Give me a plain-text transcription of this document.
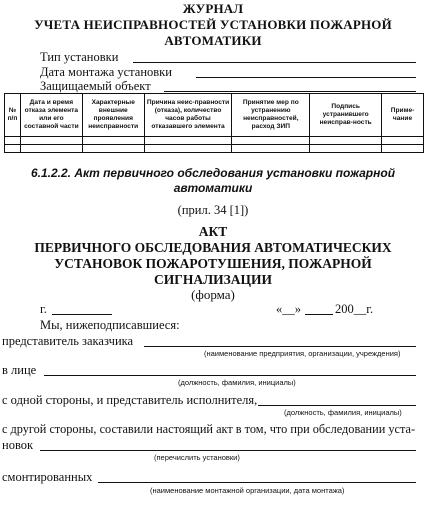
ЖУРНАЛ
УЧЕТА НЕИСПРАВНОСТЕЙ УСТАНОВКИ ПОЖАРНОЙ
АВТОМАТИКИ
Тип установки
Дата монтажа установки
Защищаемый объект
№ п/п	Дата и время отказа элемента или его составной части	Характерные внешние проявления неисправности	Причина неис-правности (отказа), количество часов работы отказавшего элемента	Принятие мер по устранению неисправностей, расход ЗИП	Подпись устранившего неисправ-ность	Приме-чание

6.1.2.2. Акт первичного обследования установки пожарной
автоматики
(прил. 34 [1])
АКТ
ПЕРВИЧНОГО ОБСЛЕДОВАНИЯ АВТОМАТИЧЕСКИХ
УСТАНОВОК ПОЖАРОТУШЕНИЯ, ПОЖАРНОЙ
СИГНАЛИЗАЦИИ
(форма)
г.	«__»	200__г.
Мы, нижеподписавшиеся:
представитель заказчика
(наименование предприятия, организации, учреждения)
в лице
(должность, фамилия, инициалы)
с одной стороны, и представитель исполнителя,
(должность, фамилия, инициалы)
с другой стороны, составили настоящий акт в том, что при обследовании уста-
новок
(перечислить установки)
смонтированных
(наименование монтажной организации, дата монтажа)
